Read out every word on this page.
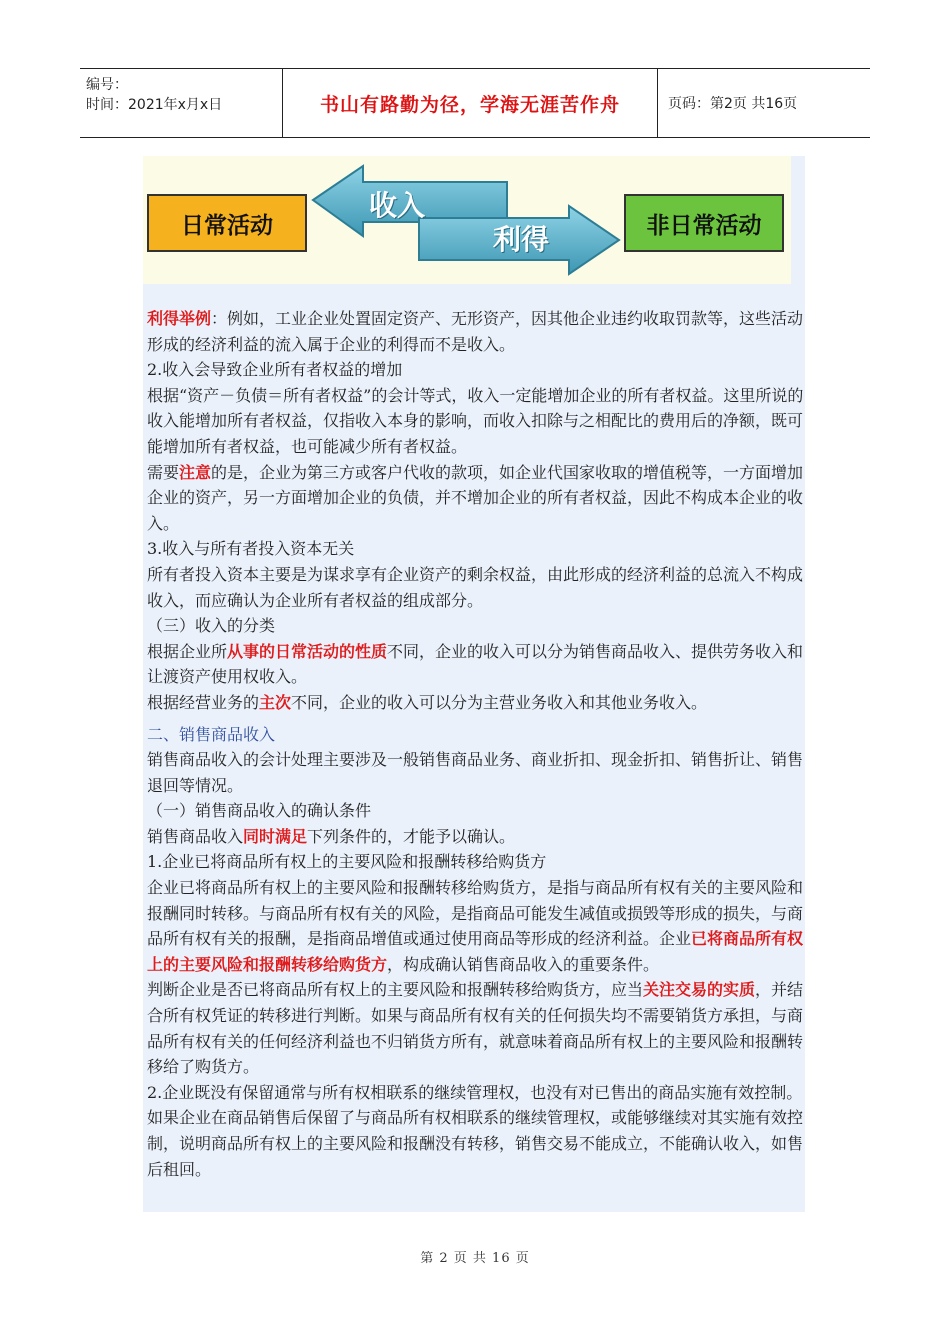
编号：
时间：2021年x月x日	书山有路勤为径，学海无涯苦作舟	页码：第2页 共16页
日常活动
收入
利得	非日常活动

利得举例：例如，工业企业处置固定资产、无形资产，因其他企业违约收取罚款等，这些活动形成的经济利益的流入属于企业的利得而不是收入。

2.收入会导致企业所有者权益的增加

根据“资产－负债＝所有者权益”的会计等式，收入一定能增加企业的所有者权益。这里所说的收入能增加所有者权益，仅指收入本身的影响，而收入扣除与之相配比的费用后的净额，既可能增加所有者权益，也可能减少所有者权益。

需要注意的是，企业为第三方或客户代收的款项，如企业代国家收取的增值税等，一方面增加企业的资产，另一方面增加企业的负债，并不增加企业的所有者权益，因此不构成本企业的收入。

3.收入与所有者投入资本无关

所有者投入资本主要是为谋求享有企业资产的剩余权益，由此形成的经济利益的总流入不构成收入，而应确认为企业所有者权益的组成部分。

（三）收入的分类

根据企业所从事的日常活动的性质不同，企业的收入可以分为销售商品收入、提供劳务收入和让渡资产使用权收入。

根据经营业务的主次不同，企业的收入可以分为主营业务收入和其他业务收入。

二、销售商品收入

销售商品收入的会计处理主要涉及一般销售商品业务、商业折扣、现金折扣、销售折让、销售退回等情况。

（一）销售商品收入的确认条件

销售商品收入同时满足下列条件的，才能予以确认。

1.企业已将商品所有权上的主要风险和报酬转移给购货方

企业已将商品所有权上的主要风险和报酬转移给购货方，是指与商品所有权有关的主要风险和报酬同时转移。与商品所有权有关的风险，是指商品可能发生减值或损毁等形成的损失，与商品所有权有关的报酬，是指商品增值或通过使用商品等形成的经济利益。企业已将商品所有权上的主要风险和报酬转移给购货方，构成确认销售商品收入的重要条件。

判断企业是否已将商品所有权上的主要风险和报酬转移给购货方，应当关注交易的实质，并结合所有权凭证的转移进行判断。如果与商品所有权有关的任何损失均不需要销货方承担，与商品所有权有关的任何经济利益也不归销货方所有，就意味着商品所有权上的主要风险和报酬转移给了购货方。

2.企业既没有保留通常与所有权相联系的继续管理权，也没有对已售出的商品实施有效控制。

如果企业在商品销售后保留了与商品所有权相联系的继续管理权，或能够继续对其实施有效控制，说明商品所有权上的主要风险和报酬没有转移，销售交易不能成立，不能确认收入，如售后租回。

第 2 页 共 16 页
